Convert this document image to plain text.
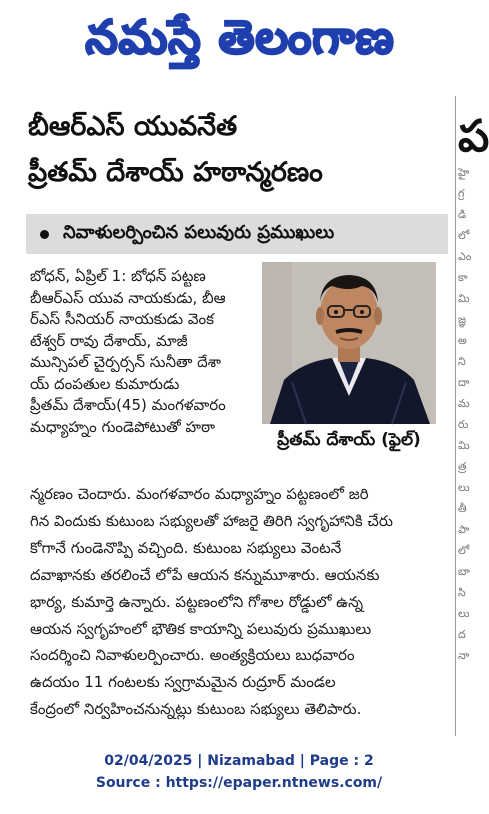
నమస్తే తెలంగాణ
ప
హై
గ్ర
డి
లో
ఎం
కా
మి
జ్ఞ
అ
ని
దా
మ
రు
మి
త్ర
లు
తీ
పా
లో
బా
సి
లు
ద
నా
బీఆర్ఎస్ యువనేత
ప్రీతమ్ దేశాయ్ హఠాన్మరణం
నివాళులర్పించిన పలువురు ప్రముఖులు
ప్రీతమ్ దేశాయ్ (ఫైల్)
బోధన్, ఏప్రిల్ 1: బోధన్ పట్టణ
బీఆర్ఎస్ యువ నాయకుడు, బీఆ
ర్ఎస్ సీనియర్ నాయకుడు వెంక
టేశ్వర్ రావు దేశాయ్, మాజీ
మున్సిపల్ చైర్పర్సన్ సునీతా దేశా
య్ దంపతుల కుమారుడు
ప్రీతమ్ దేశాయ్(45) మంగళవారం
మధ్యాహ్నం గుండెపోటుతో హఠా
న్మరణం చెందారు. మంగళవారం మధ్యాహ్నం పట్టణంలో జరి
గిన విందుకు కుటుంబ సభ్యులతో హాజరై తిరిగి స్వగృహానికి చేరు
కోగానే గుండెనొప్పి వచ్చింది. కుటుంబ సభ్యులు వెంటనే
దవాఖానకు తరలించే లోపే ఆయన కన్నుమూశారు. ఆయనకు
భార్య, కుమార్తె ఉన్నారు. పట్టణంలోని గోశాల రోడ్డులో ఉన్న
ఆయన స్వగృహంలో భౌతిక కాయాన్ని పలువురు ప్రముఖులు
సందర్శించి నివాళులర్పించారు. అంత్యక్రియలు బుధవారం
ఉదయం 11 గంటలకు స్వగ్రామమైన రుద్రూర్ మండల
కేంద్రంలో నిర్వహించనున్నట్లు కుటుంబ సభ్యులు తెలిపారు.
02/04/2025 | Nizamabad | Page : 2
Source : https://epaper.ntnews.com/
